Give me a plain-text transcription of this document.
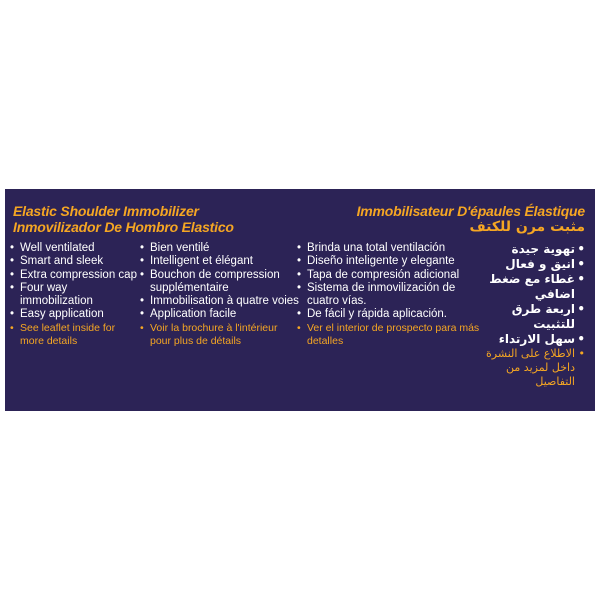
Elastic Shoulder Immobilizer
Inmovilizador De Hombro Elastico
Immobilisateur D'épaules Élastique
مثبت مرن للكتف
• Well ventilated
• Smart and sleek
• Extra compression cap
• Four way immobilization
• Easy application
• See leaflet inside for more details
• Bien ventilé
• Intelligent et élégant
• Bouchon de compression supplémentaire
• Immobilisation à quatre voies
• Application facile
• Voir la brochure à l'intérieur pour plus de détails
• Brinda una total ventilación
• Diseño inteligente y elegante
• Tapa de compresión adicional
• Sistema de inmovilización de cuatro vías.
• De fácil y rápida aplicación.
• Ver el interior de prospecto para más detalles
• تهوية جيدة
• انيق و فعال
• غطاء مع ضغط اضافي
• اربعة طرق للتثبيت
• سهل الارتداء
• الاطلاع على النشرة داخل لمزيد من التفاصيل
